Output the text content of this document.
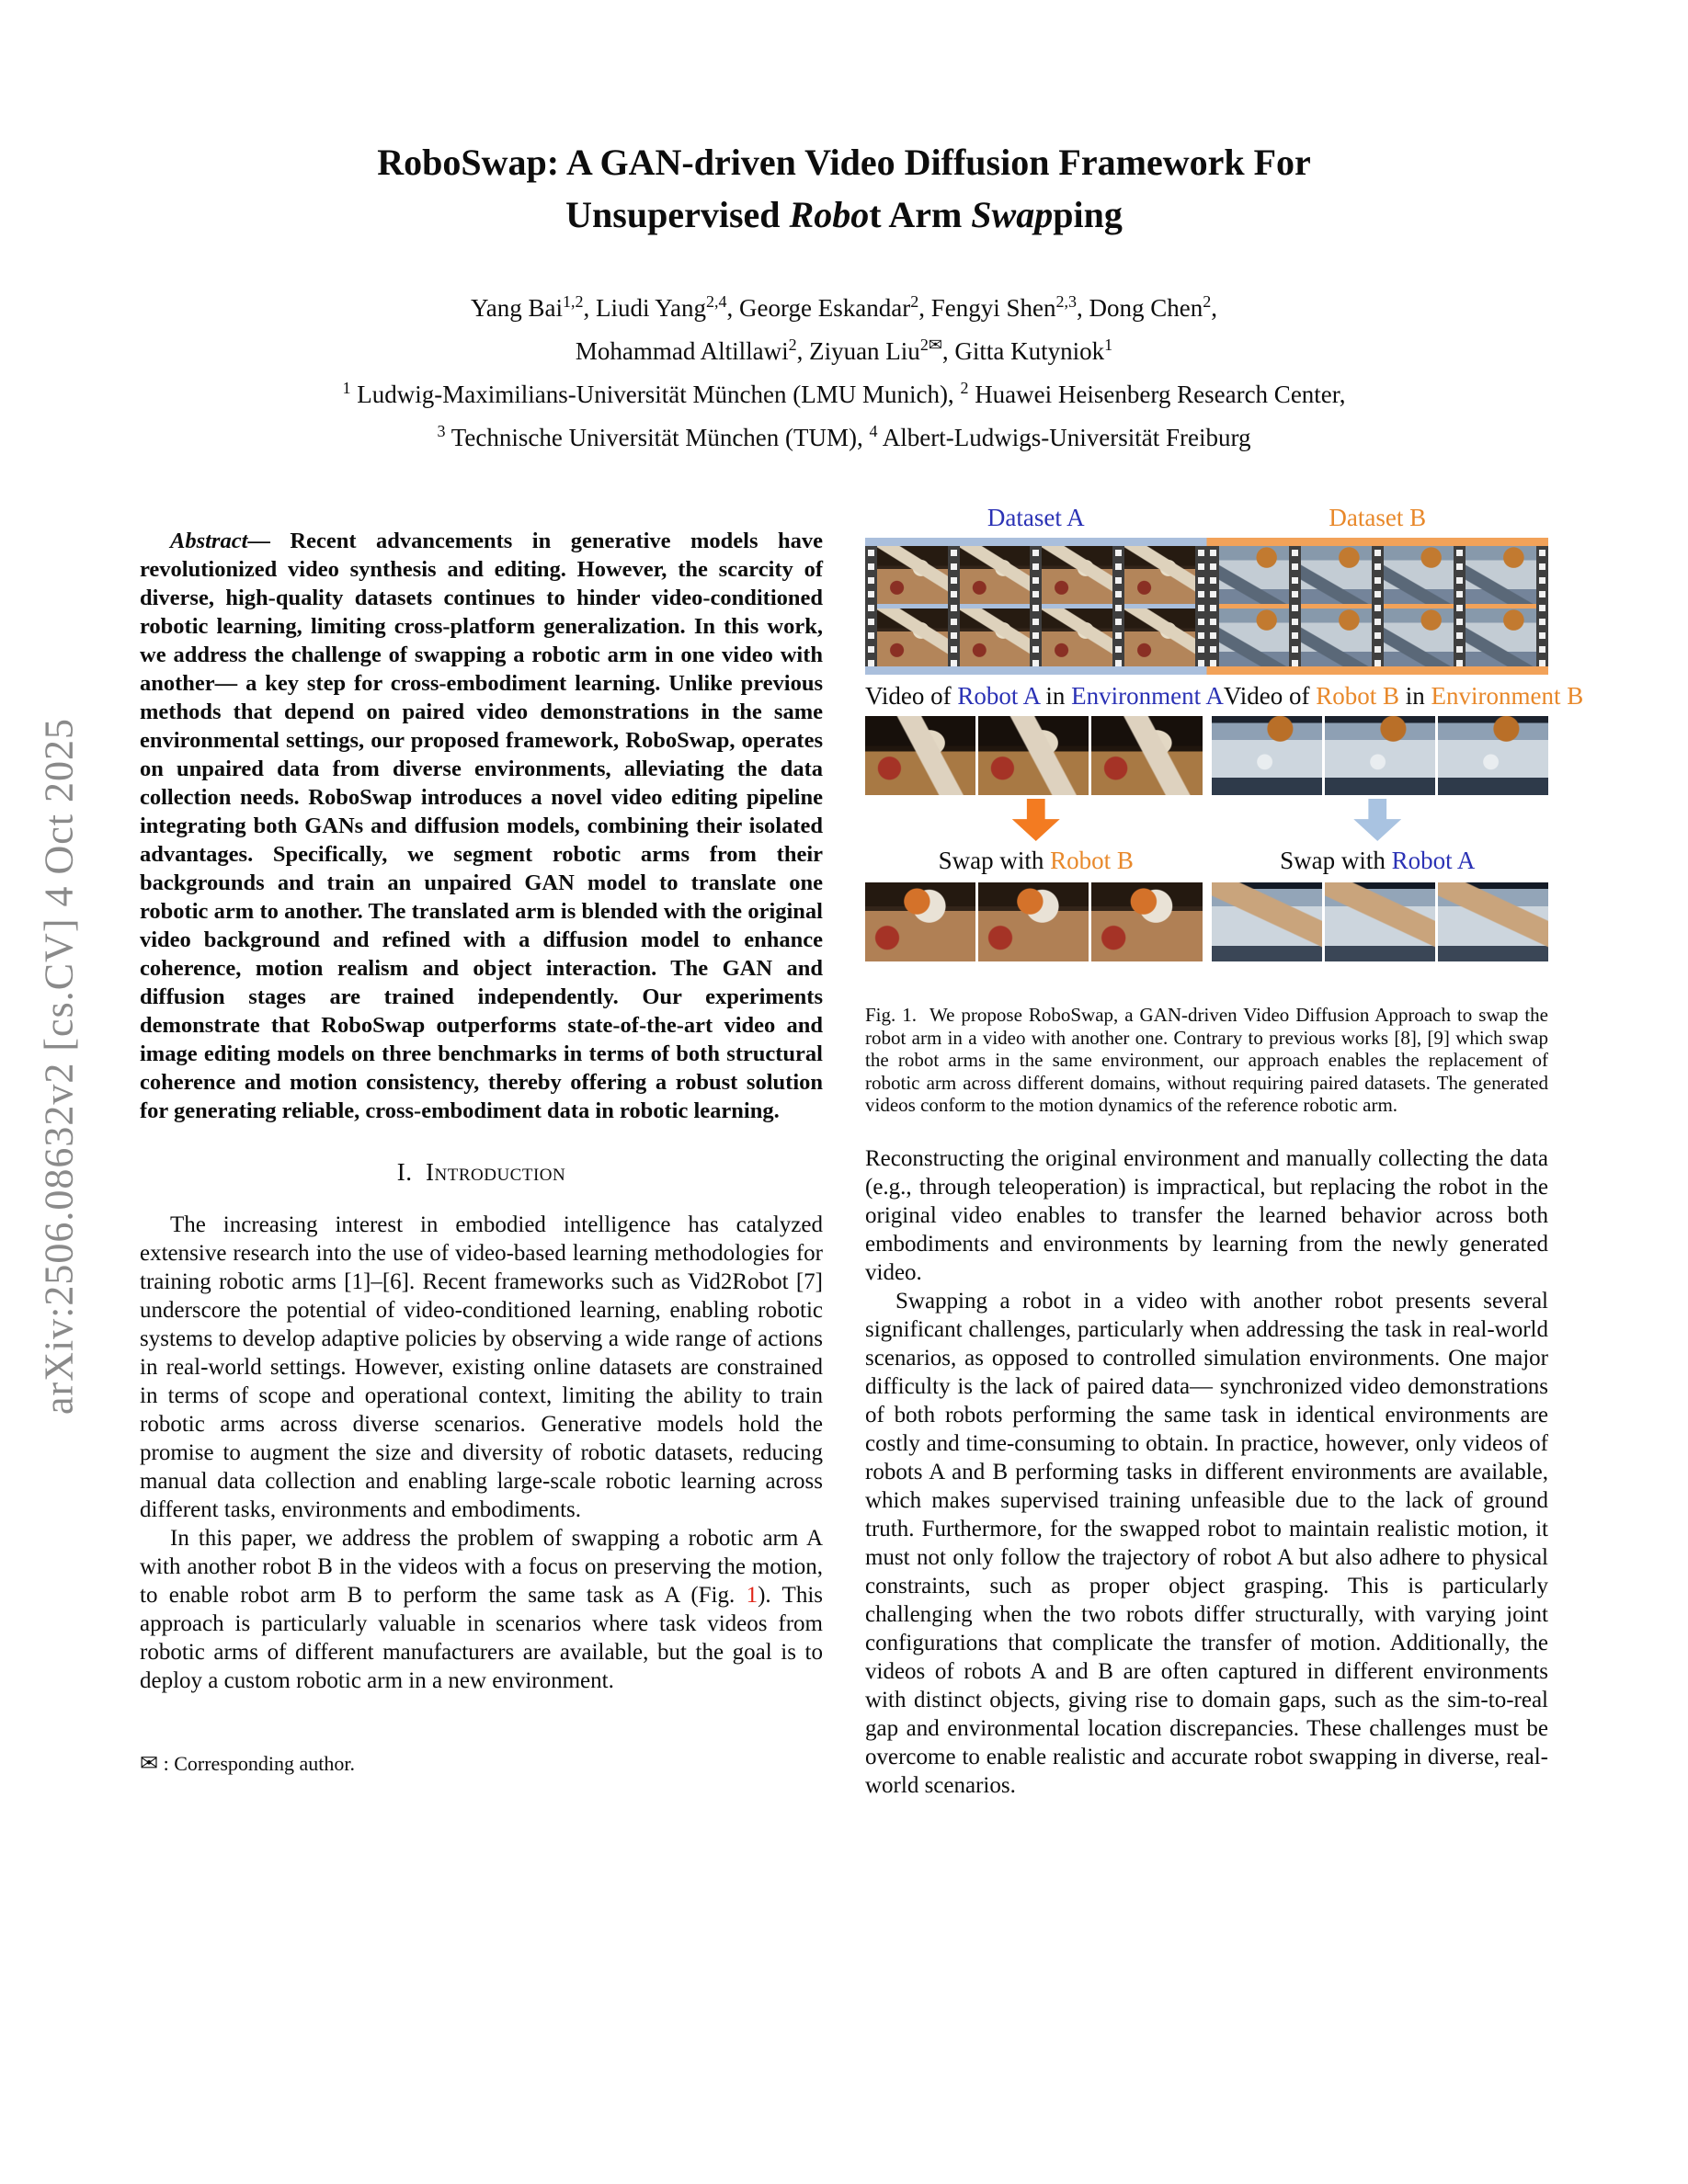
arXiv:2506.08632v2 [cs.CV] 4 Oct 2025
RoboSwap: A GAN-driven Video Diffusion Framework For
Unsupervised Robot Arm Swapping
Yang Bai$^{1,2}$, Liudi Yang$^{2,4}$, George Eskandar$^2$, Fengyi Shen$^{2,3}$, Dong Chen$^2$,
Mohammad Altillawi$^2$, Ziyuan Liu$^{2✉}$, Gitta Kutyniok$^1$
$^1$ Ludwig-Maximilians-Universität München (LMU Munich), $^2$ Huawei Heisenberg Research Center,
$^3$ Technische Universität München (TUM), $^4$ Albert-Ludwigs-Universität Freiburg

Abstract— Recent advancements in generative models have revolutionized video synthesis and editing. However, the scarcity of diverse, high-quality datasets continues to hinder video-conditioned robotic learning, limiting cross-platform generalization. In this work, we address the challenge of swapping a robotic arm in one video with another— a key step for cross-embodiment learning. Unlike previous methods that depend on paired video demonstrations in the same environmental settings, our proposed framework, RoboSwap, operates on unpaired data from diverse environments, alleviating the data collection needs. RoboSwap introduces a novel video editing pipeline integrating both GANs and diffusion models, combining their isolated advantages. Specifically, we segment robotic arms from their backgrounds and train an unpaired GAN model to translate one robotic arm to another. The translated arm is blended with the original video background and refined with a diffusion model to enhance coherence, motion realism and object interaction. The GAN and diffusion stages are trained independently. Our experiments demonstrate that RoboSwap outperforms state-of-the-art video and image editing models on three benchmarks in terms of both structural coherence and motion consistency, thereby offering a robust solution for generating reliable, cross-embodiment data in robotic learning.

I. Introduction

The increasing interest in embodied intelligence has catalyzed extensive research into the use of video-based learning methodologies for training robotic arms [1]–[6]. Recent frameworks such as Vid2Robot [7] underscore the potential of video-conditioned learning, enabling robotic systems to develop adaptive policies by observing a wide range of actions in real-world settings. However, existing online datasets are constrained in terms of scope and operational context, limiting the ability to train robotic arms across diverse scenarios. Generative models hold the promise to augment the size and diversity of robotic datasets, reducing manual data collection and enabling large-scale robotic learning across different tasks, environments and embodiments.

In this paper, we address the problem of swapping a robotic arm A with another robot B in the videos with a focus on preserving the motion, to enable robot arm B to perform the same task as A (Fig. 1). This approach is particularly valuable in scenarios where task videos from robotic arms of different manufacturers are available, but the goal is to deploy a custom robotic arm in a new environment.

✉ : Corresponding author.
Dataset A	Dataset B
Video of Robot A in Environment A Video of Robot B in Environment B
Swap with Robot B	Swap with Robot A
Fig. 1. We propose RoboSwap, a GAN-driven Video Diffusion Approach to swap the robot arm in a video with another one. Contrary to previous works [8], [9] which swap the robot arms in the same environment, our approach enables the replacement of robotic arm across different domains, without requiring paired datasets. The generated videos conform to the motion dynamics of the reference robotic arm.

Reconstructing the original environment and manually collecting the data (e.g., through teleoperation) is impractical, but replacing the robot in the original video enables to transfer the learned behavior across both embodiments and environments by learning from the newly generated video.

Swapping a robot in a video with another robot presents several significant challenges, particularly when addressing the task in real-world scenarios, as opposed to controlled simulation environments. One major difficulty is the lack of paired data— synchronized video demonstrations of both robots performing the same task in identical environments are costly and time-consuming to obtain. In practice, however, only videos of robots A and B performing tasks in different environments are available, which makes supervised training unfeasible due to the lack of ground truth. Furthermore, for the swapped robot to maintain realistic motion, it must not only follow the trajectory of robot A but also adhere to physical constraints, such as proper object grasping. This is particularly challenging when the two robots differ structurally, with varying joint configurations that complicate the transfer of motion. Additionally, the videos of robots A and B are often captured in different environments with distinct objects, giving rise to domain gaps, such as the sim-to-real gap and environmental location discrepancies. These challenges must be overcome to enable realistic and accurate robot swapping in diverse, real-world scenarios.
